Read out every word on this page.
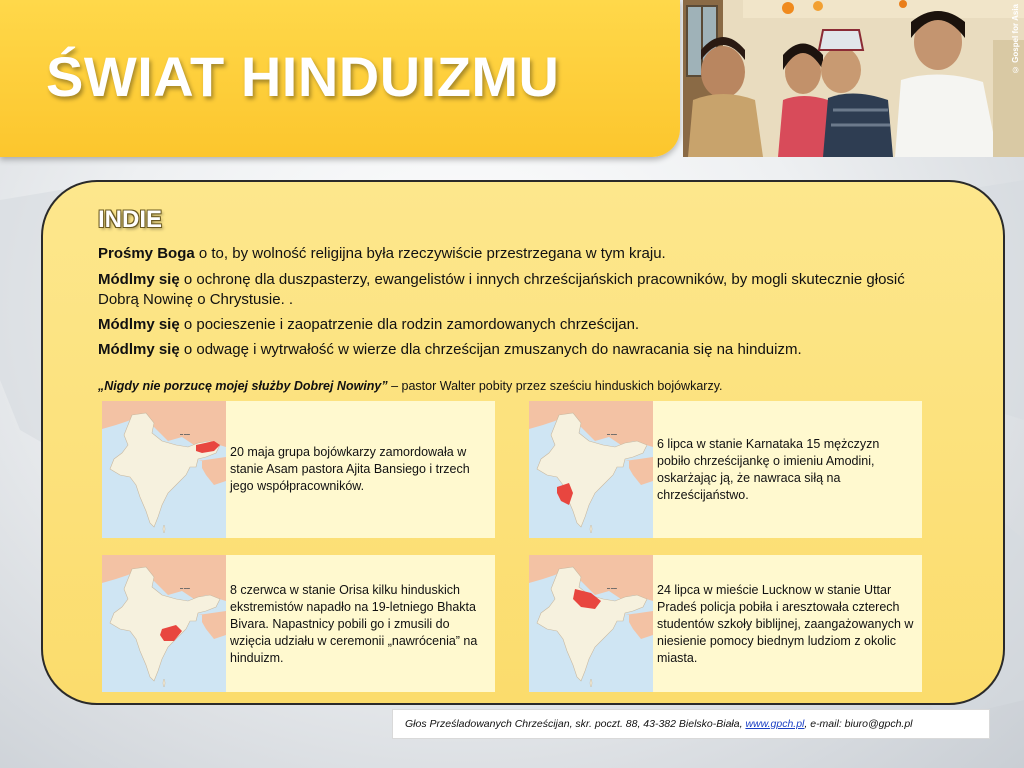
ŚWIAT HINDUIZMU
© Gospel for Asia
INDIE
Prośmy Boga o to, by wolność religijna była rzeczywiście przestrzegana w tym kraju.
Módlmy się o ochronę dla duszpasterzy, ewangelistów i innych chrześcijańskich pracowników, by mogli skutecznie głosić Dobrą Nowinę o Chrystusie. .
Módlmy się o pocieszenie i zaopatrzenie dla rodzin zamordowanych chrześcijan.
Módlmy się o odwagę i wytrwałość w wierze dla chrześcijan zmuszanych do nawracania się na hinduizm.
„Nigdy nie porzucę mojej służby Dobrej Nowiny” – pastor Walter pobity przez sześciu hinduskich bojówkarzy.
▬ ▬▬
20 maja grupa bojówkarzy zamordowała w stanie Asam pastora Ajita Bansiego i trzech jego współpracowników.
▬ ▬▬
6 lipca w stanie Karnataka 15 mężczyzn pobiło chrześcijankę o imieniu Amodini, oskarżając ją, że nawraca siłą na chrześcijaństwo.
▬ ▬▬	8 czerwca w stanie Orisa kilku hinduskich ekstremistów napadło na 19-letniego Bhakta Bivara. Napastnicy pobili go i zmusili do wzięcia udziału w ceremonii „nawrócenia” na hinduizm.
▬ ▬▬	24 lipca w mieście Lucknow w stanie Uttar Pradeś policja pobiła i aresztowała czterech studentów szkoły biblijnej, zaangażowanych w niesienie pomocy biednym ludziom z okolic miasta.
Głos Prześladowanych Chrześcijan, skr. poczt. 88, 43-382 Bielsko-Biała, www.gpch.pl, e-mail: biuro@gpch.pl
